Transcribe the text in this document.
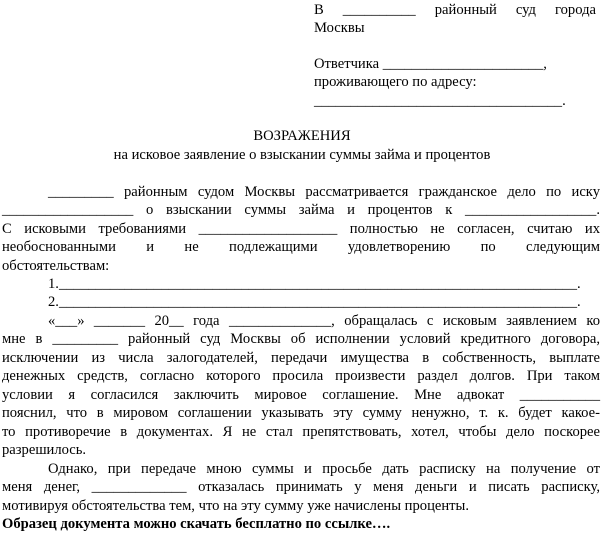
В __________ районный суд города
Москвы
Ответчика ______________________,
проживающего по адресу:
__________________________________.
ВОЗРАЖЕНИЯ
на исковое заявление о взыскании суммы займа и процентов
_________ районным судом Москвы рассматривается гражданское дело по иску
__________________ о взыскании суммы займа и процентов к __________________.
С исковыми требованиями ___________________ полностью не согласен, считаю их
необоснованными и не подлежащими удовлетворению по следующим
обстоятельствам:
1._______________________________________________________________________.
2._______________________________________________________________________.
«___» _______ 20__ года ______________, обращалась с исковым заявлением ко
мне в _________ районный суд Москвы об исполнении условий кредитного договора,
исключении из числа залогодателей, передачи имущества в собственность, выплате
денежных средств, согласно которого просила произвести раздел долгов. При таком
условии я согласился заключить мировое соглашение. Мне адвокат ___________
пояснил, что в мировом соглашении указывать эту сумму ненужно, т. к. будет какое-
то противоречие в документах. Я не стал препятствовать, хотел, чтобы дело поскорее
разрешилось.
Однако, при передаче мною суммы и просьбе дать расписку на получение от
меня денег, _____________ отказалась принимать у меня деньги и писать расписку,
мотивируя обстоятельства тем, что на эту сумму уже начислены проценты.
Образец документа можно скачать бесплатно по ссылке….
